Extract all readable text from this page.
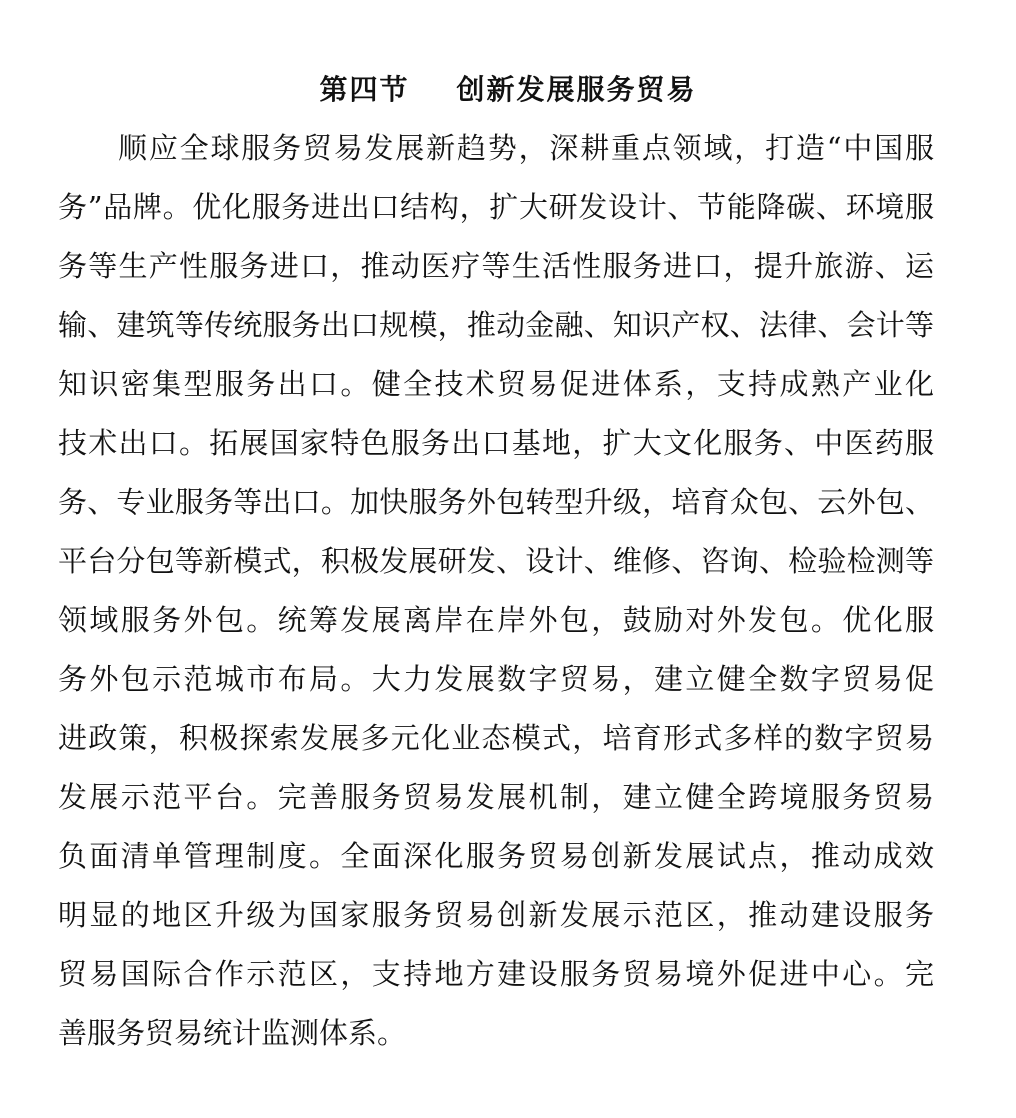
第四节    创新发展服务贸易
顺应全球服务贸易发展新趋势，深耕重点领域，打造“中国服
务”品牌。优化服务进出口结构，扩大研发设计、节能降碳、环境服
务等生产性服务进口，推动医疗等生活性服务进口，提升旅游、运
输、建筑等传统服务出口规模，推动金融、知识产权、法律、会计等
知识密集型服务出口。健全技术贸易促进体系，支持成熟产业化
技术出口。拓展国家特色服务出口基地，扩大文化服务、中医药服
务、专业服务等出口。加快服务外包转型升级，培育众包、云外包、
平台分包等新模式，积极发展研发、设计、维修、咨询、检验检测等
领域服务外包。统筹发展离岸在岸外包，鼓励对外发包。优化服
务外包示范城市布局。大力发展数字贸易，建立健全数字贸易促
进政策，积极探索发展多元化业态模式，培育形式多样的数字贸易
发展示范平台。完善服务贸易发展机制，建立健全跨境服务贸易
负面清单管理制度。全面深化服务贸易创新发展试点，推动成效
明显的地区升级为国家服务贸易创新发展示范区，推动建设服务
贸易国际合作示范区，支持地方建设服务贸易境外促进中心。完
善服务贸易统计监测体系。
